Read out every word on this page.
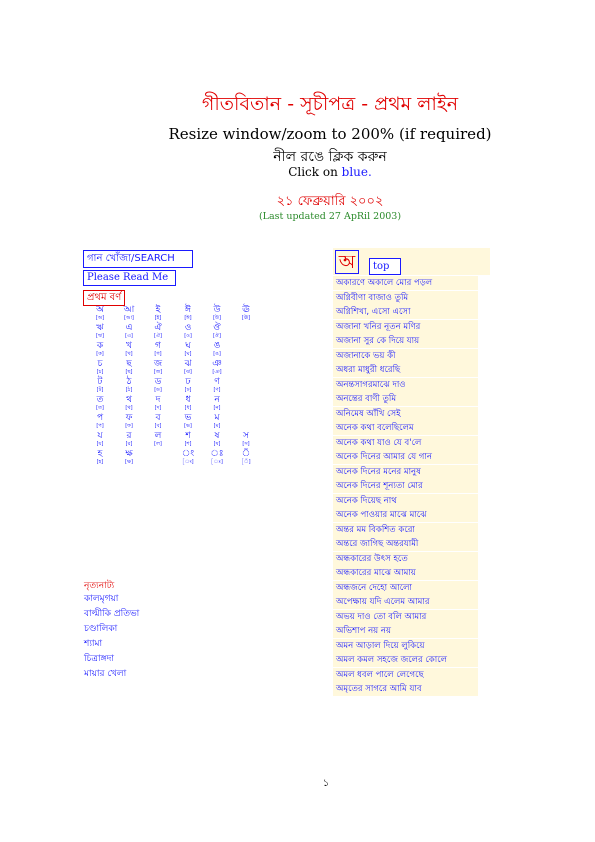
গীতবিতান - সূচীপত্র - প্রথম লাইন
Resize window/zoom to 200% (if required)
নীল রঙে ক্লিক করুন
Click on blue.
২১ ফেব্রুয়ারি ২০০২
(Last updated 27 ApRil 2003)
গান খোঁজা/SEARCH
Please Read Me
প্রথম বর্ণ
অ
[অ]
আ
[আ]
ই
[ই]
ঈ
[ঈ]
উ
[উ]
ঊ
[ঊ]
ঋ
[ঋ]
এ
[এ]
ঐ
[ঐ]
ও
[ও]
ঔ
[ঔ]
ক
[ক]
খ
[খ]
গ
[গ]
ঘ
[ঘ]
ঙ
[ঙ]
চ
[চ]
ছ
[ছ]
জ
[জ]
ঝ
[ঝ]
ঞ
[ঞ]
ট
[ট]
ঠ
[ঠ]
ড
[ড]
ঢ
[ঢ]
ণ
[ণ]
ত
[ত]
থ
[থ]
দ
[দ]
ধ
[ধ]
ন
[ন]
প
[প]
ফ
[ফ]
ব
[ব]
ভ
[ভ]
ম
[ম]
য
[য]
র
[র]
ল
[ল]
শ
[শ]
ষ
[ষ]
স
[স]
হ
[হ]
ক্ষ
[ক্ষ]
ং
[ং]
ঃ
[ঃ]
ঁ
[ঁ]
নৃত্যনাট্য
কালমৃগয়া
বাল্মীকি প্রতিভা
চণ্ডালিকা
শ্যামা
চিত্রাঙ্গদা
মায়ার খেলা
অ	top
অকারণে অকালে মোর পড়ল
অগ্নিবীণা বাজাও তুমি
অগ্নিশিখা, এসো এসো
অজানা খনির নূতন মণির
অজানা সুর কে দিয়ে যায়
অজানাকে ভয় কী
অধরা মাধুরী ধরেছি
অনন্তসাগরমাঝে দাও
অনন্তের বাণী তুমি
অনিমেষ আঁখি সেই
অনেক কথা বলেছিলেম
অনেক কথা যাও যে ব'লে
অনেক দিনের আমার যে গান
অনেক দিনের মনের মানুষ
অনেক দিনের শূন্যতা মোর
অনেক দিয়েছ নাথ
অনেক পাওয়ার মাঝে মাঝে
অন্তর মম বিকশিত করো
অন্তরে জাগিছ অন্তরযামী
অন্ধকারের উৎস হতে
অন্ধকারের মাঝে আমায়
অন্ধজনে দেহো আলো
অপেক্ষায় যদি এলেম আমার
অভয় দাও তো বলি আমার
অভিশাপ নয় নয়
অমন আড়াল দিয়ে লুকিয়ে
অমল কমল সহজে জলের কোলে
অমল ধবল পালে লেগেছে
অমৃতের সাগরে আমি যাব
১
